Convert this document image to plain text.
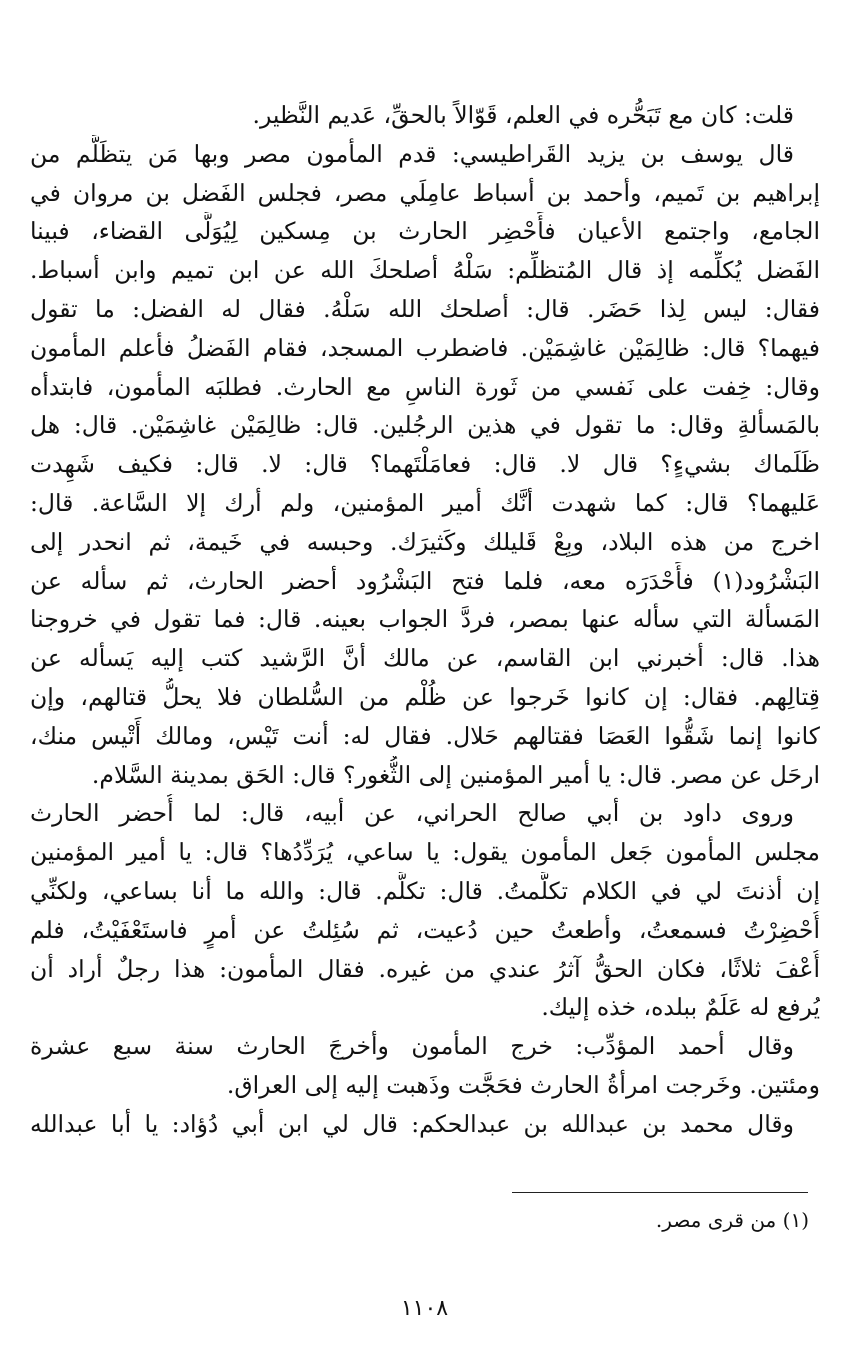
قلت: كان مع تَبَحُّره في العلم، قَوّالاً بالحقِّ، عَديم النَّظير.
قال يوسف بن يزيد القَراطيسي: قدم المأمون مصر وبها مَن يتظَلَّم من
إبراهيم بن تَميم، وأحمد بن أسباط عامِلَي مصر، فجلس الفَضل بن مروان في
الجامع، واجتمع الأعيان فأَحْضِر الحارث بن مِسكين لِيُوَلَّى القضاء، فبينا
الفَضل يُكلِّمه إذ قال المُتظلِّم: سَلْهُ أصلحكَ الله عن ابن تميم وابن أسباط.
فقال: ليس لِذا حَضَر. قال: أصلحك الله سَلْهُ. فقال له الفضل: ما تقول
فيهما؟ قال: ظالِمَيْن غاشِمَيْن. فاضطرب المسجد، فقام الفَضلُ فأعلم المأمون
وقال: خِفت على نَفسي من ثَورة الناسِ مع الحارث. فطلبَه المأمون، فابتدأه
بالمَسألةِ وقال: ما تقول في هذين الرجُلين. قال: ظالِمَيْن غاشِمَيْن. قال: هل
ظَلَماك بشيءٍ؟ قال لا. قال: فعامَلْتَهما؟ قال: لا. قال: فكيف شَهِدت
عَليهما؟ قال: كما شهدت أنَّك أمير المؤمنين، ولم أرك إلا السَّاعة. قال:
اخرج من هذه البلاد، وبِعْ قَليلك وكَثيرَك. وحبسه في خَيمة، ثم انحدر إلى
البَشْرُود(١) فأَحْدَرَه معه، فلما فتح البَشْرُود أحضر الحارث، ثم سأله عن
المَسألة التي سأله عنها بمصر، فردَّ الجواب بعينه. قال: فما تقول في خروجنا
هذا. قال: أخبرني ابن القاسم، عن مالك أنَّ الرَّشيد كتب إليه يَسأله عن
قِتالِهم. فقال: إن كانوا خَرجوا عن ظُلْم من السُّلطان فلا يحلُّ قتالهم، وإن
كانوا إنما شَقُّوا العَصَا فقتالهم حَلال. فقال له: أنت تَيْس، ومالك أَتْيس منك،
ارحَل عن مصر. قال: يا أمير المؤمنين إلى الثُّغور؟ قال: الحَق بمدينة السَّلام.
وروى داود بن أبي صالح الحراني، عن أبيه، قال: لما أُحضر الحارث
مجلس المأمون جَعل المأمون يقول: يا ساعي، يُرَدِّدُها؟ قال: يا أمير المؤمنين
إن أذنتَ لي في الكلام تكلَّمتُ. قال: تكلَّم. قال: والله ما أنا بساعي، ولكنِّي
أُحْضِرْتُ فسمعتُ، وأطعتُ حين دُعيت، ثم سُئِلتُ عن أمرٍ فاستَعْفَيْتُ، فلم
أُعْفَ ثلاثًا، فكان الحقُّ آثرُ عندي من غيره. فقال المأمون: هذا رجلٌ أراد أن
يُرفع له عَلَمٌ ببلده، خذه إليك.
وقال أحمد المؤدِّب: خرج المأمون وأخرجَ الحارث سنة سبع عشرة
ومئتين. وخَرجت امرأةُ الحارث فحَجَّت وذَهبت إليه إلى العراق.
وقال محمد بن عبدالله بن عبدالحكم: قال لي ابن أبي دُؤاد: يا أبا عبدالله
(١) من قرى مصر.
١١٠٨
